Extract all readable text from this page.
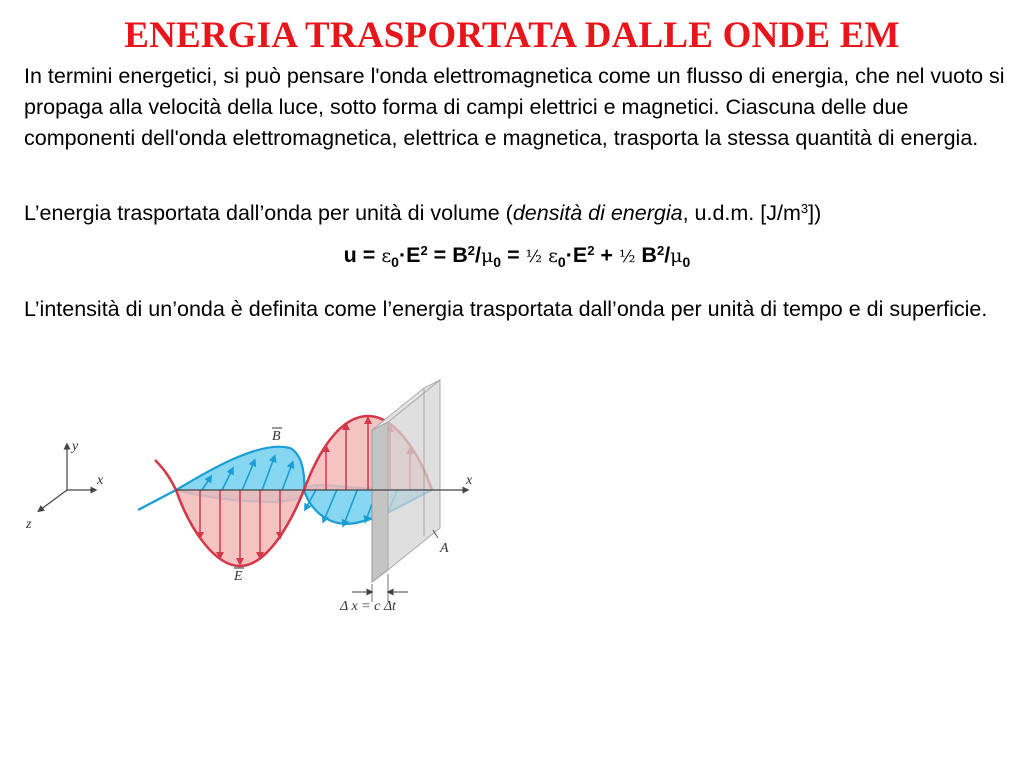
ENERGIA TRASPORTATA DALLE ONDE EM
In termini energetici, si può pensare l'onda elettromagnetica come un flusso di energia, che nel vuoto si propaga alla velocità della luce, sotto forma di campi elettrici e magnetici. Ciascuna delle due componenti dell'onda elettromagnetica, elettrica e magnetica, trasporta la stessa quantità di energia.
L’energia trasportata dall’onda per unità di volume (densità di energia, u.d.m. $[J/m^3]$)
$u = \varepsilon_0\cdot E^2 = B^2/\mu_0$ = ½ $\varepsilon_0\cdot E^2$ + ½ $B^2/\mu_0$
L’intensità di un’onda è definita come l’energia trasportata dall’onda per unità di tempo e di superficie.
y
x
z
B
E
A
x
Δ x = c Δt
